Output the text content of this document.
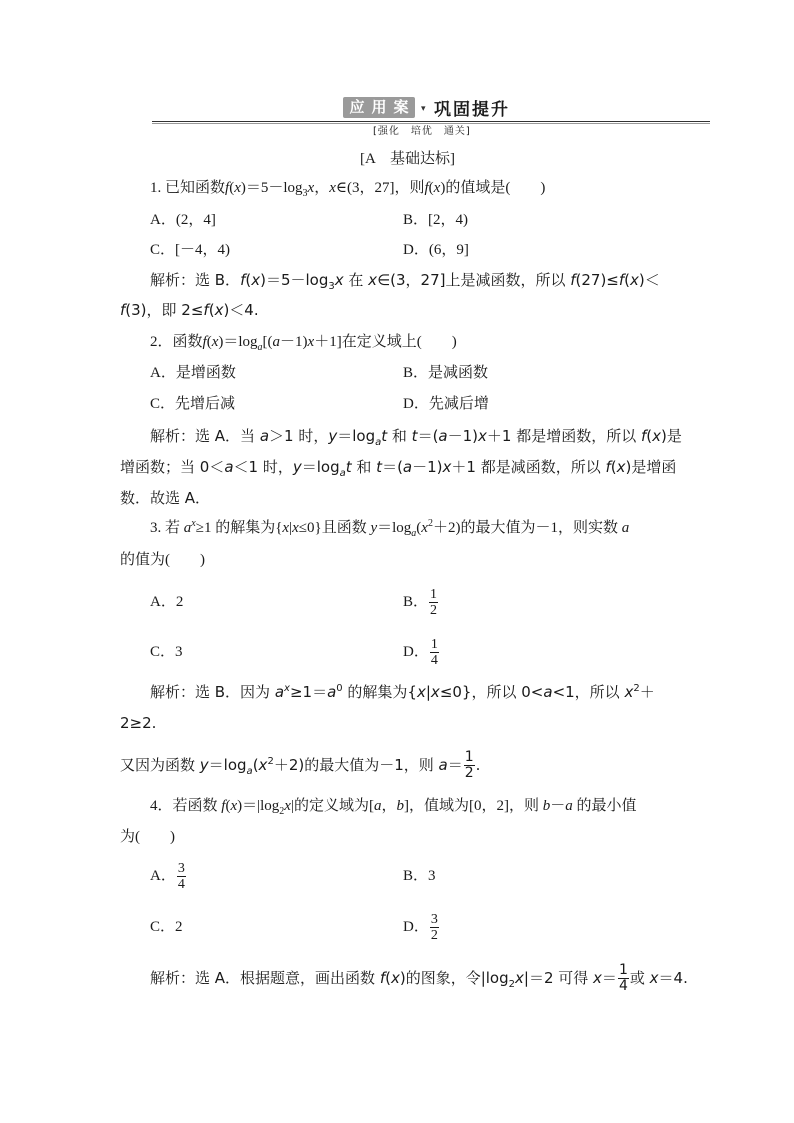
应 用 案	▾ 巩固提升
[强化　培优　通关]
[A　基础达标]
1. 已知函数$f(x)=5-\log_3x$，x∈(3，27]，则f(x)的值域是(　　)
A．(2，4]	B．[2，4)
C．[－4，4)	D．(6，9]
解析：选 B．$f(x)=5-\log_3x$ 在 x∈(3，27]上是减函数，所以 f(27)≤f(x)＜
f(3)，即 2≤f(x)＜4.
2．函数$f(x)=\log_a[(a-1)x+1]$在定义域上(　　)
A．是增函数	B．是减函数
C．先增后减	D．先减后增
解析：选 A．当 a＞1 时，$y=\log_at$ 和 t＝(a－1)x＋1 都是增函数，所以 f(x)是
增函数；当 0＜a＜1 时，$y=\log_at$ 和 t＝(a－1)x＋1 都是减函数，所以 f(x)是增函
数．故选 A．
3. 若 $a^x\ge 1$ 的解集为{x|x≤0}且函数 $y=\log_a(x^2+2)$的最大值为－1，则实数 a
的值为(　　)
A．2	B． $\frac{1}{2}$
C．3	D． $\frac{1}{4}$
解析：选 B．因为 $a^x\ge 1=a^0$ 的解集为{x|x≤0}，所以 0<a<1，所以 $x^2+$
2≥2.
又因为函数 $y=\log_a(x^2+2)$的最大值为－1，则 $a= \frac{1}{2}$ .
4．若函数 $f(x)=|\log_2x|$的定义域为[a，b]，值域为[0，2]，则 b－a 的最小值
为(　　)
A． $\frac{3}{4}$	B．3
C．2	D． $\frac{3}{2}$
解析：选 A．根据题意，画出函数 f(x)的图象，令$|\log_2x|=2$ 可得 $x= \frac{1}{4}$ 或 x＝4.
